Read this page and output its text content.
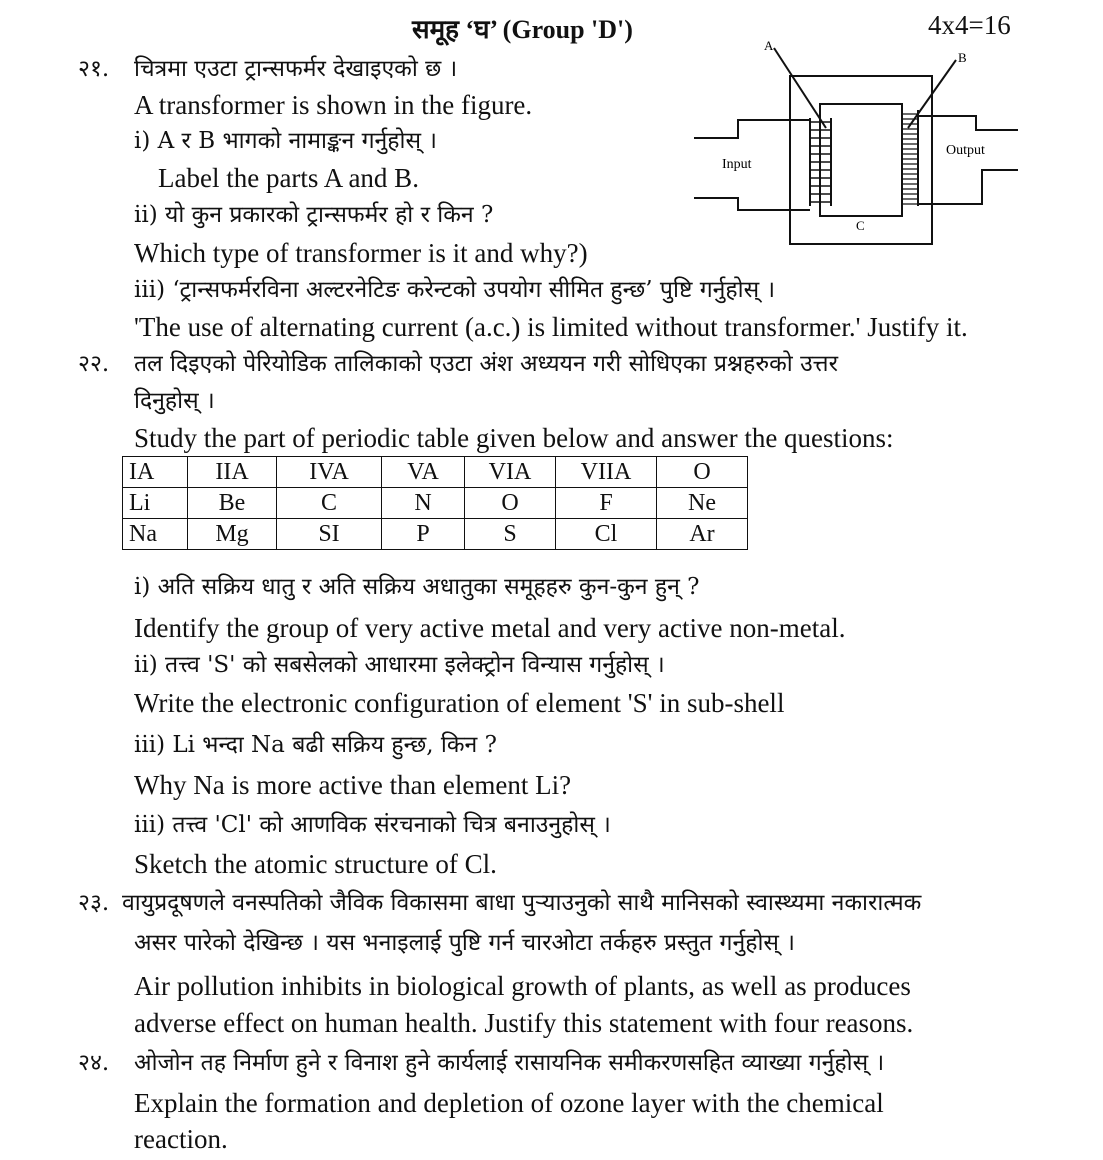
समूह ‘घ’ (Group 'D')	4x4=16
२१. चित्रमा एउटा ट्रान्सफर्मर देखाइएको छ ।
A transformer is shown in the figure.
i) A र B भागको नामाङ्कन गर्नुहोस् ।
Label the parts A and B.
ii) यो कुन प्रकारको ट्रान्सफर्मर हो र किन ?
Which type of transformer is it and why?)
iii) ‘ट्रान्सफर्मरविना अल्टरनेटिङ करेन्टको उपयोग सीमित हुन्छ’ पुष्टि गर्नुहोस् ।
'The use of alternating current (a.c.) is limited without transformer.' Justify it.
A
B
C
Input
Output
२२. तल दिइएको पेरियोडिक तालिकाको एउटा अंश अध्ययन गरी सोधिएका प्रश्नहरुको उत्तर
दिनुहोस् ।
Study the part of periodic table given below and answer the questions:
IA	IIA	IVA	VA	VIA	VIIA	O
Li	Be	C	N	O	F	Ne
Na	Mg	SI	P	S	Cl	Ar
i) अति सक्रिय धातु र अति सक्रिय अधातुका समूहहरु कुन-कुन हुन् ?
Identify the group of very active metal and very active non-metal.
ii) तत्त्व 'S' को सबसेलको आधारमा इलेक्ट्रोन विन्यास गर्नुहोस् ।
Write the electronic configuration of element 'S' in sub-shell
iii) Li भन्दा Na बढी सक्रिय हुन्छ, किन ?
Why Na is more active than element Li?
iii) तत्त्व 'Cl' को आणविक संरचनाको चित्र बनाउनुहोस् ।
Sketch the atomic structure of Cl.
२३. वायुप्रदूषणले वनस्पतिको जैविक विकासमा बाधा पुऱ्याउनुको साथै मानिसको स्वास्थ्यमा नकारात्मक
असर पारेको देखिन्छ । यस भनाइलाई पुष्टि गर्न चारओटा तर्कहरु प्रस्तुत गर्नुहोस् ।
Air pollution inhibits in biological growth of plants, as well as produces
adverse effect on human health. Justify this statement with four reasons.
२४. ओजोन तह निर्माण हुने र विनाश हुने कार्यलाई रासायनिक समीकरणसहित व्याख्या गर्नुहोस् ।
Explain the formation and depletion of ozone layer with the chemical
reaction.
